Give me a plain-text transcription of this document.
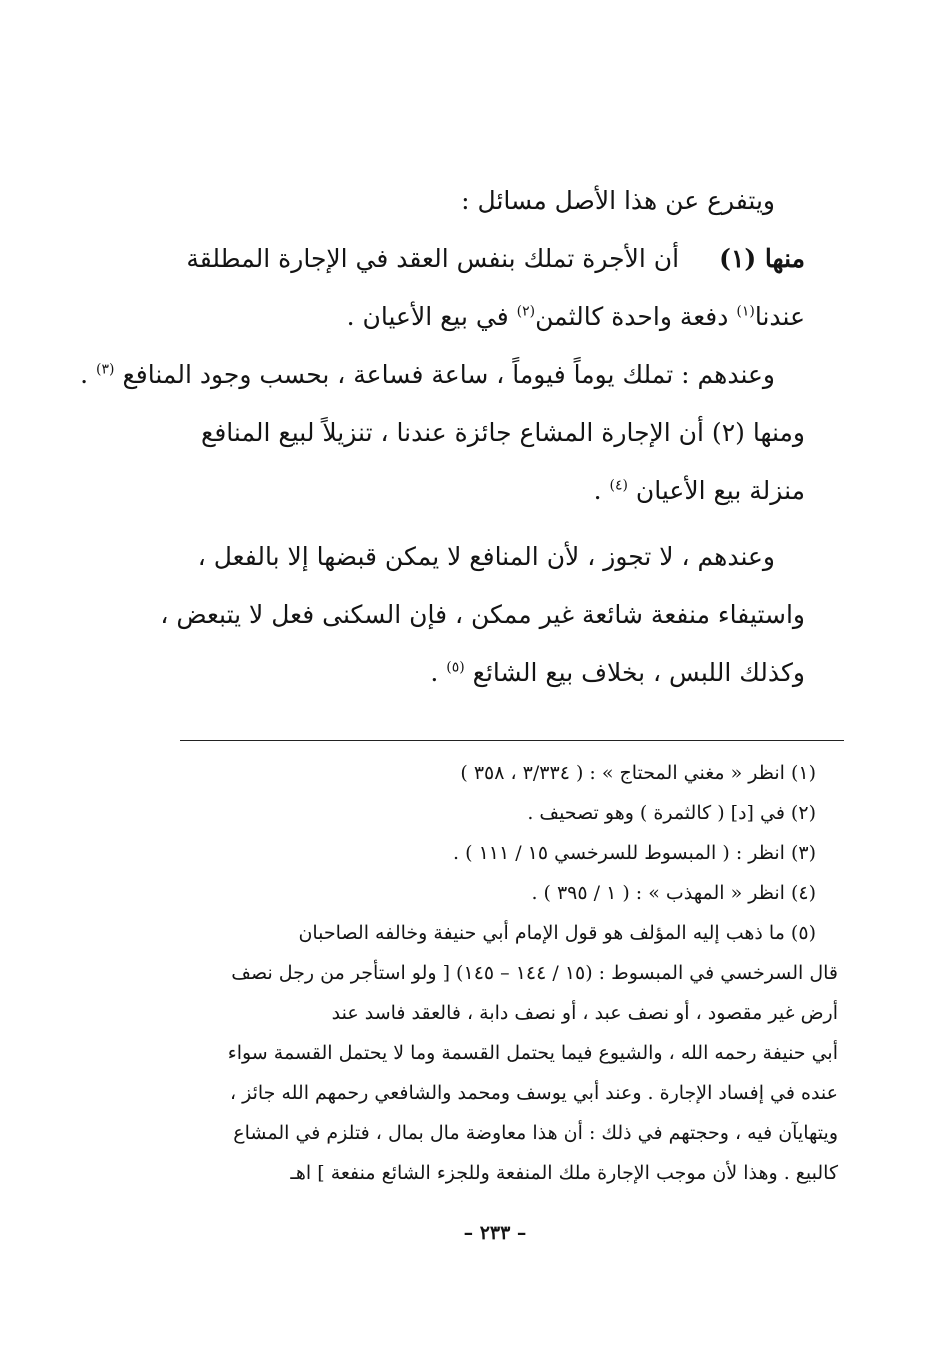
ويتفرع عن هذا الأصل مسائل :
منها (١)أن الأجرة تملك بنفس العقد في الإجارة المطلقة
عندنا$^{(١)}$ دفعة واحدة كالثمن$^{(٢)}$ في بيع الأعيان .
وعندهم : تملك يوماً فيوماً ، ساعة فساعة ، بحسب وجود المنافع $^{(٣)}$ .
ومنها (٢) أن الإجارة المشاع جائزة عندنا ، تنزيلاً لبيع المنافع
منزلة بيع الأعيان $^{(٤)}$ .
وعندهم ، لا تجوز ، لأن المنافع لا يمكن قبضها إلا بالفعل ،
واستيفاء منفعة شائعة غير ممكن ، فإن السكنى فعل لا يتبعض ،
وكذلك اللبس ، بخلاف بيع الشائع $^{(٥)}$ .
(١) انظر « مغني المحتاج » : ( ٣/٣٣٤ ، ٣٥٨ )
(٢) في [د] ( كالثمرة ) وهو تصحيف .
(٣) انظر : ( المبسوط للسرخسي ١٥ / ١١١ ) .
(٤) انظر « المهذب » : ( ١ / ٣٩٥ ) .
(٥) ما ذهب إليه المؤلف هو قول الإمام أبي حنيفة وخالفه الصاحبان
قال السرخسي في المبسوط : (١٥ / ١٤٤ – ١٤٥) [ ولو استأجر من رجل نصف
أرض غير مقصود ، أو نصف عبد ، أو نصف دابة ، فالعقد فاسد عند
أبي حنيفة رحمه الله ، والشيوع فيما يحتمل القسمة وما لا يحتمل القسمة سواء
عنده في إفساد الإجارة . وعند أبي يوسف ومحمد والشافعي رحمهم الله جائز ،
ويتهايآن فيه ، وحجتهم في ذلك : أن هذا معاوضة مال بمال ، فتلزم في المشاع
كالبيع . وهذا لأن موجب الإجارة ملك المنفعة وللجزء الشائع منفعة ] اهـ
– ٢٣٣ –
